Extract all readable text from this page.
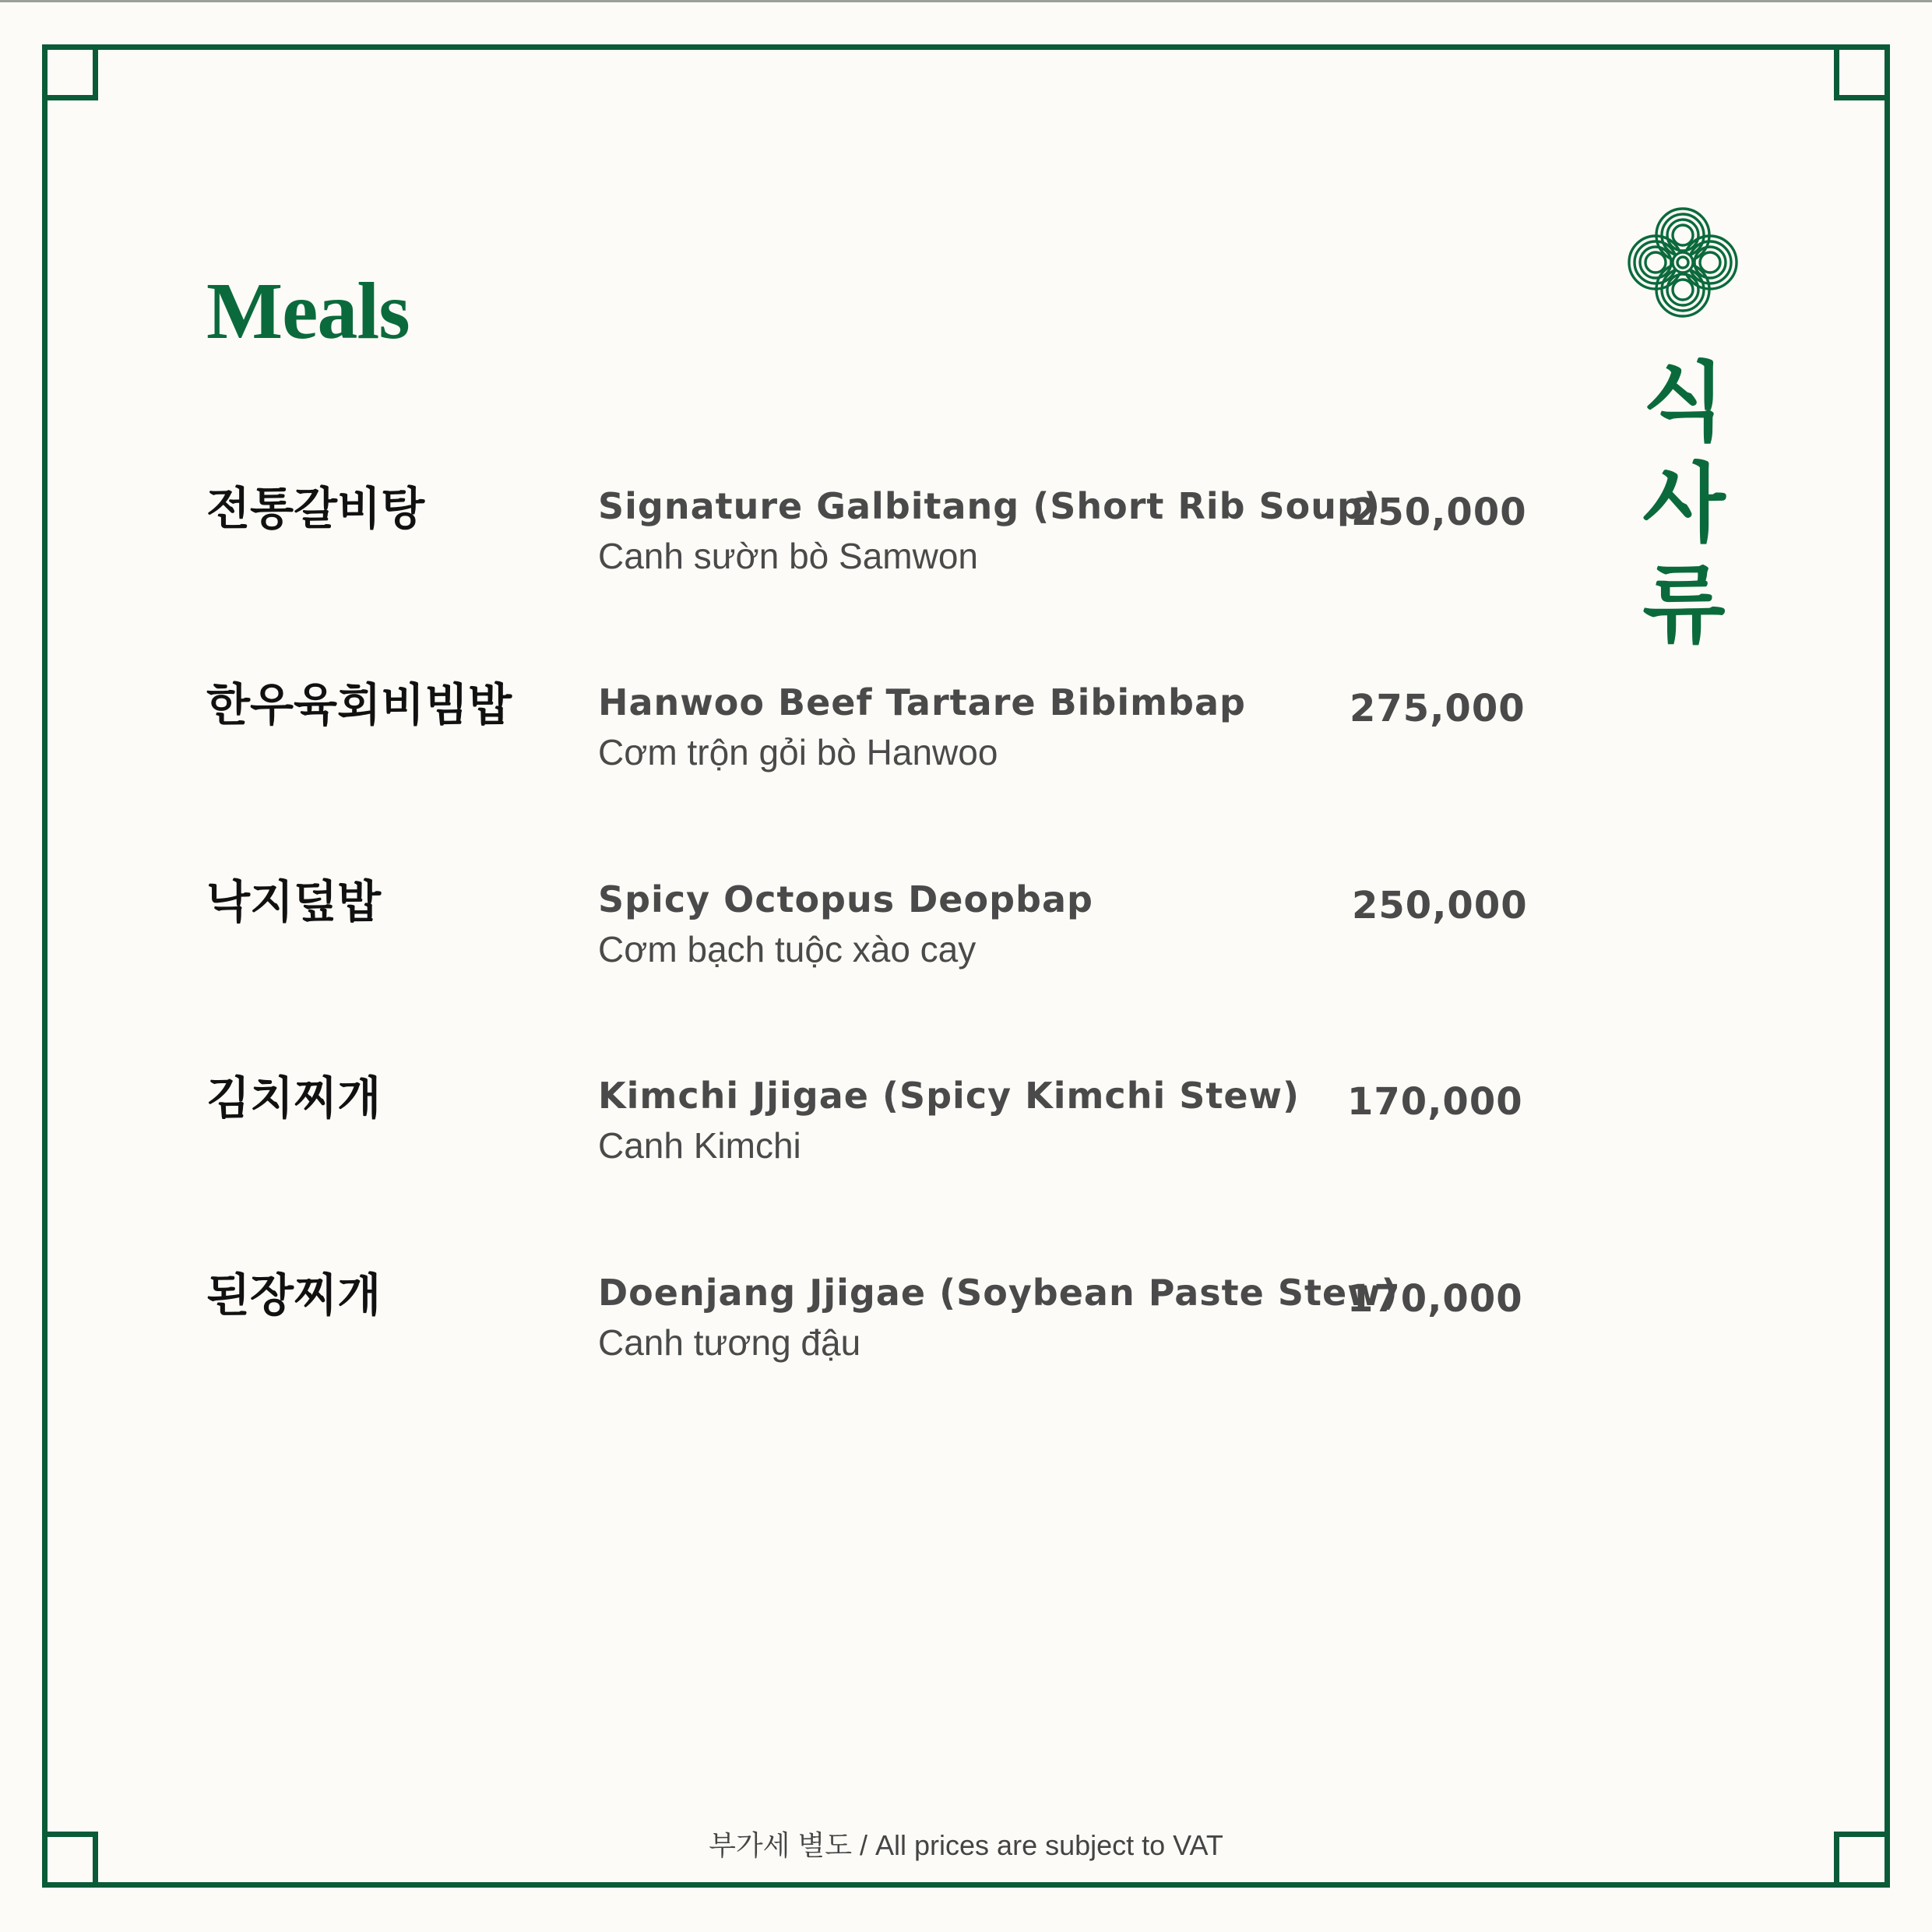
Meals
식
사
류
전통갈비탕	Signature Galbitang (Short Rib Soup)
Canh sườn bò Samwon
250,000
한우육회비빔밥 Hanwoo Beef Tartare Bibimbap
Cơm trộn gỏi bò Hanwoo
275,000
낙지덮밥	Spicy Octopus Deopbap
Cơm bạch tuộc xào cay
250,000
김치찌개	Kimchi Jjigae (Spicy Kimchi Stew)
Canh Kimchi
170,000
된장찌개	Doenjang Jjigae (Soybean Paste Stew)
Canh tương đậu
170,000
부가세 별도 / All prices are subject to VAT
